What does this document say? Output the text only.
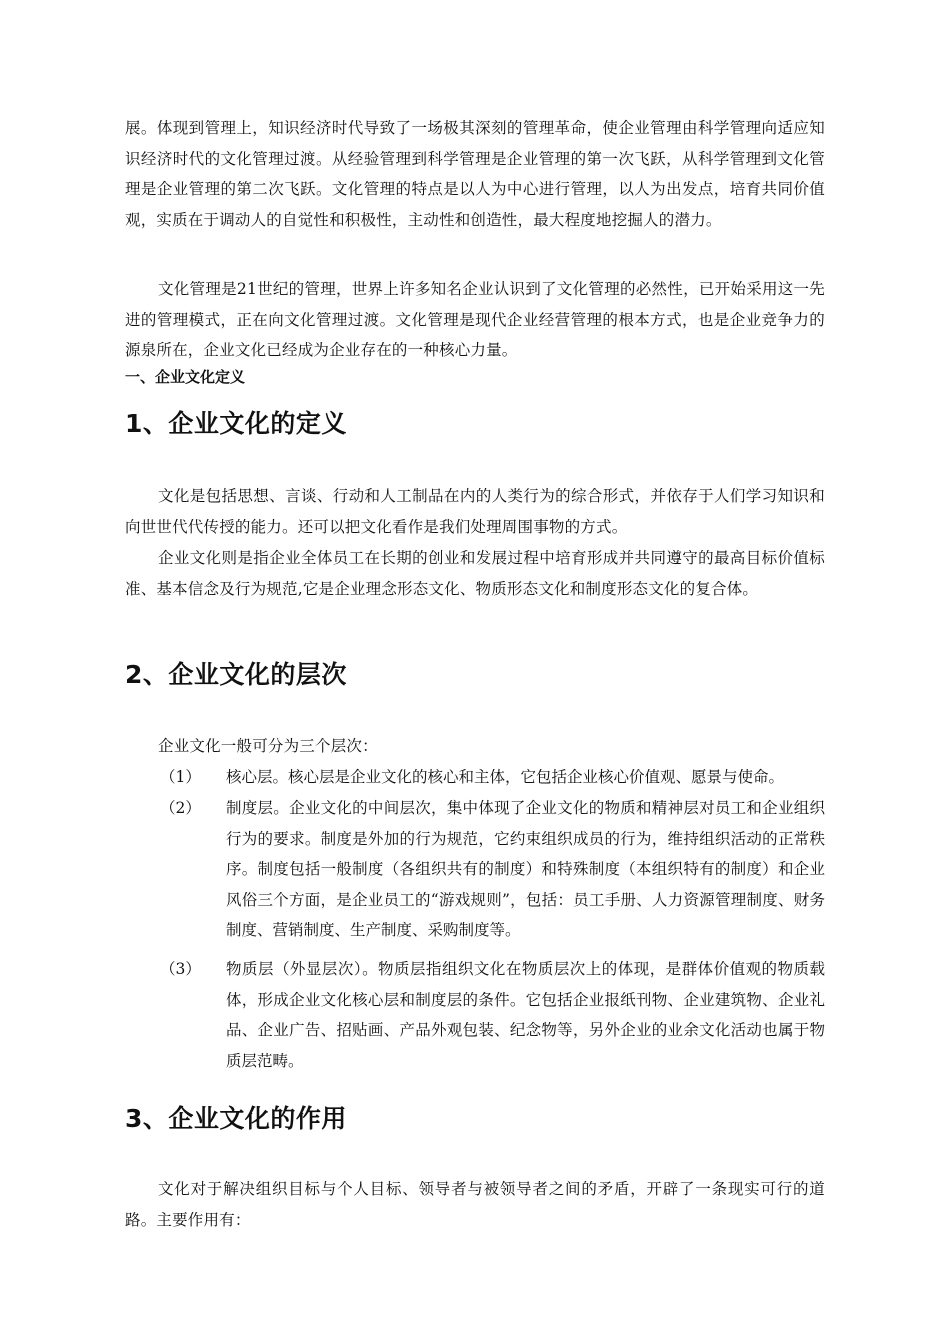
展。体现到管理上，知识经济时代导致了一场极其深刻的管理革命，使企业管理由科学管理向适应知识经济时代的文化管理过渡。从经验管理到科学管理是企业管理的第一次飞跃，从科学管理到文化管理是企业管理的第二次飞跃。文化管理的特点是以人为中心进行管理，以人为出发点，培育共同价值观，实质在于调动人的自觉性和积极性，主动性和创造性，最大程度地挖掘人的潜力。

文化管理是21世纪的管理，世界上许多知名企业认识到了文化管理的必然性，已开始采用这一先进的管理模式，正在向文化管理过渡。文化管理是现代企业经营管理的根本方式，也是企业竞争力的源泉所在，企业文化已经成为企业存在的一种核心力量。

一、企业文化定义

1、企业文化的定义

文化是包括思想、言谈、行动和人工制品在内的人类行为的综合形式，并依存于人们学习知识和向世世代代传授的能力。还可以把文化看作是我们处理周围事物的方式。

企业文化则是指企业全体员工在长期的创业和发展过程中培育形成并共同遵守的最高目标价值标准、基本信念及行为规范,它是企业理念形态文化、物质形态文化和制度形态文化的复合体。

2、企业文化的层次

企业文化一般可分为三个层次：

（1）	核心层。核心层是企业文化的核心和主体，它包括企业核心价值观、愿景与使命。

（2）	制度层。企业文化的中间层次，集中体现了企业文化的物质和精神层对员工和企业组织行为的要求。制度是外加的行为规范，它约束组织成员的行为，维持组织活动的正常秩序。制度包括一般制度（各组织共有的制度）和特殊制度（本组织特有的制度）和企业风俗三个方面，是企业员工的“游戏规则”，包括：员工手册、人力资源管理制度、财务制度、营销制度、生产制度、采购制度等。

（3）	物质层（外显层次）。物质层指组织文化在物质层次上的体现，是群体价值观的物质载体，形成企业文化核心层和制度层的条件。它包括企业报纸刊物、企业建筑物、企业礼品、企业广告、招贴画、产品外观包装、纪念物等，另外企业的业余文化活动也属于物质层范畴。

3、企业文化的作用

文化对于解决组织目标与个人目标、领导者与被领导者之间的矛盾，开辟了一条现实可行的道路。主要作用有：
